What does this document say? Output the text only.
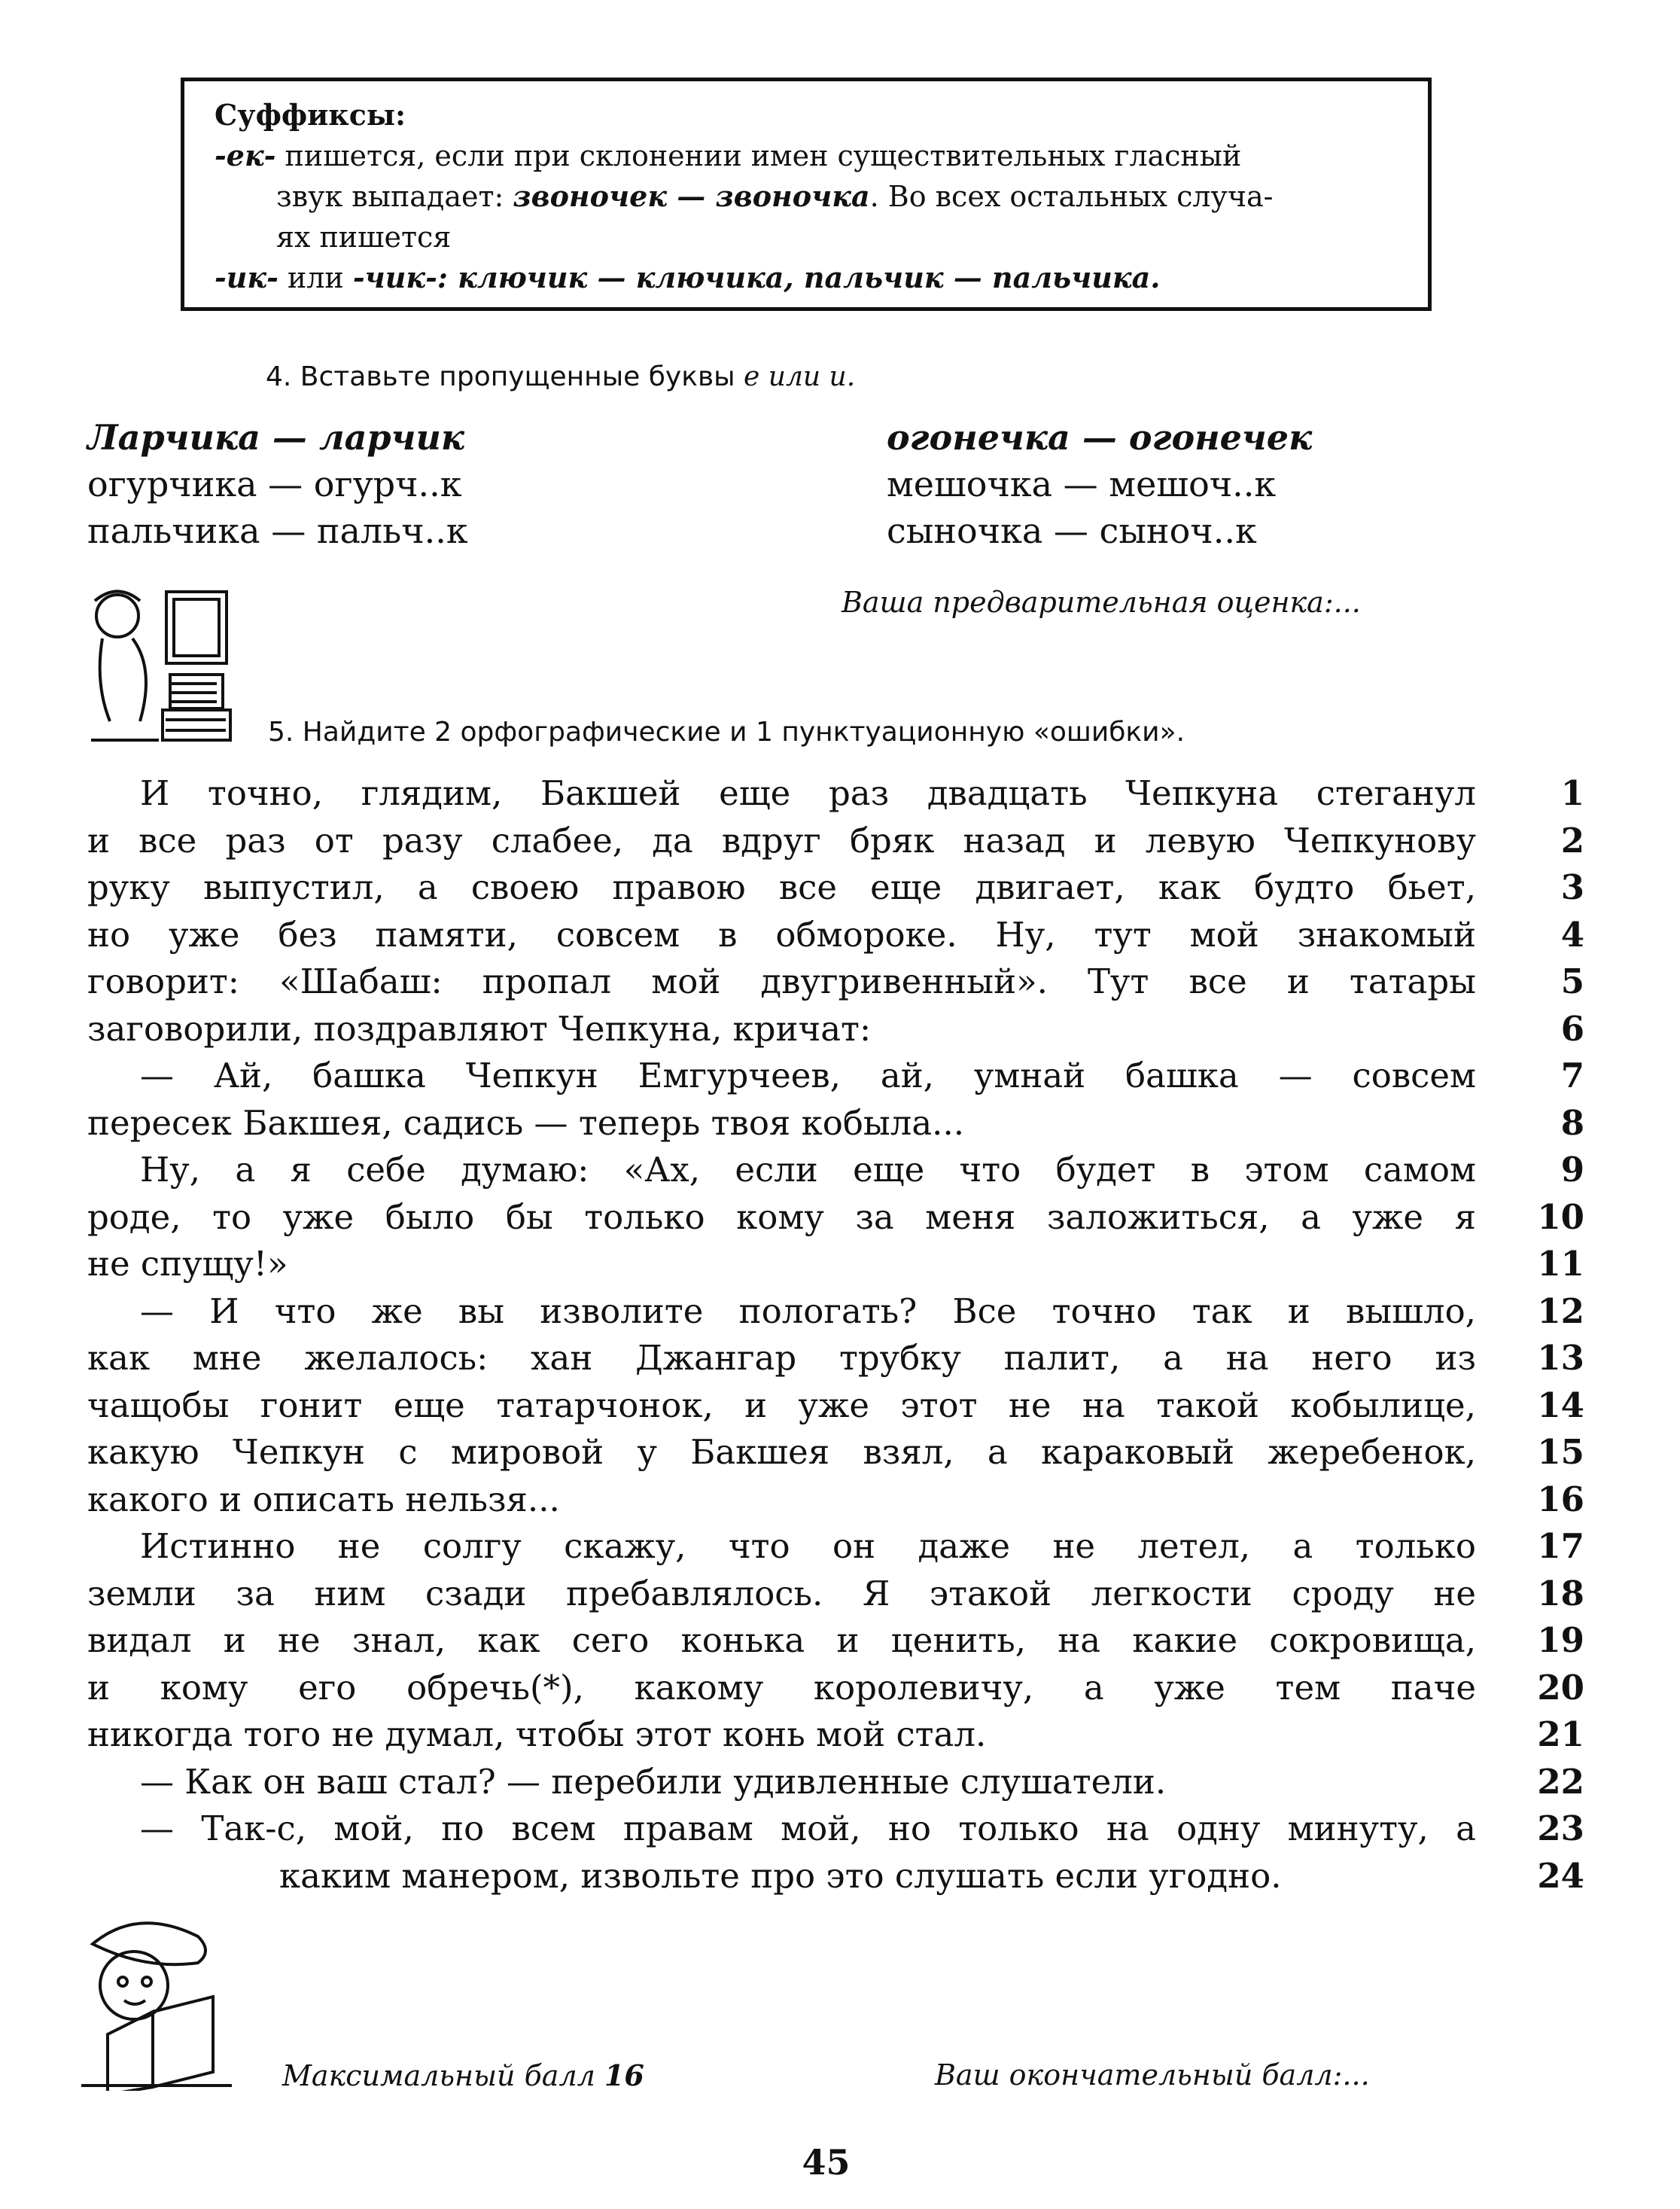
Суффиксы:
-ек- пишется, если при склонении имен существительных гласный
звук выпадает: звоночек — звоночка. Во всех остальных случа-
ях пишется
-ик- или -чик-: ключик — ключика, пальчик — пальчика.
4. Вставьте пропущенные буквы е или и.
Ларчика — ларчик
огурчика — огурч..к
пальчика — пальч..к
огонечка — огонечек
мешочка — мешоч..к
сыночка — сыноч..к
Ваша предварительная оценка:...
5. Найдите 2 орфографические и 1 пунктуационную «ошибки».
И точно, глядим, Бакшей еще раз двадцать Чепкуна стеганул
и все раз от разу слабее, да вдруг бряк назад и левую Чепкунову
руку выпустил, а своею правою все еще двигает, как будто бьет,
но уже без памяти, совсем в обмороке. Ну, тут мой знакомый
говорит: «Шабаш: пропал мой двугривенный». Тут все и татары
заговорили, поздравляют Чепкуна, кричат:
— Ай, башка Чепкун Емгурчеев, ай, умнай башка — совсем
пересек Бакшея, садись — теперь твоя кобыла...
Ну, а я себе думаю: «Ах, если еще что будет в этом самом
роде, то уже было бы только кому за меня заложиться, а уже я
не спущу!»
— И что же вы изволите пологать? Все точно так и вышло,
как мне желалось: хан Джангар трубку палит, а на него из
чащобы гонит еще татарчонок, и уже этот не на такой кобылице,
какую Чепкун с мировой у Бакшея взял, а караковый жеребенок,
какого и описать нельзя...
Истинно не солгу скажу, что он даже не летел, а только
земли за ним сзади пребавлялось. Я этакой легкости сроду не
видал и не знал, как сего конька и ценить, на какие сокровища,
и кому его обречь(*), какому королевичу, а уже тем паче
никогда того не думал, чтобы этот конь мой стал.
— Как он ваш стал? — перебили удивленные слушатели.
— Так-с, мой, по всем правам мой, но только на одну минуту, а
каким манером, извольте про это слушать если угодно.
1
2
3
4
5
6
7
8
9
10
11
12
13
14
15
16
17
18
19
20
21
22
23
24
Максимальный балл 16	Ваш окончательный балл:...
45
